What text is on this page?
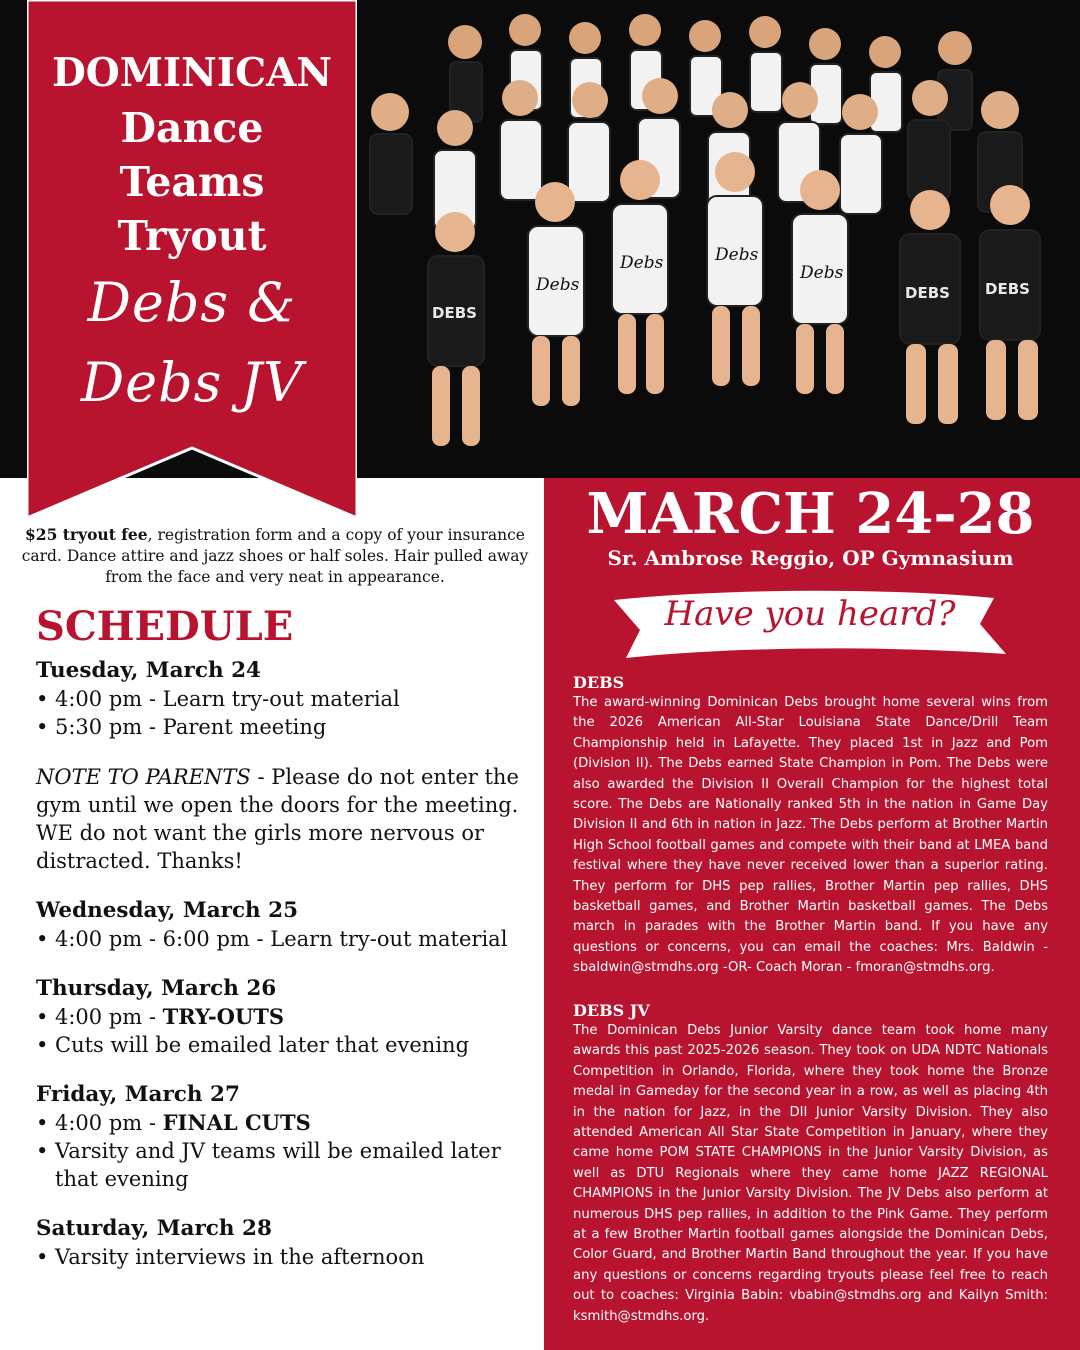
Debs
Debs	Debs
Debs
DEBS DEBS
DEBS
DOMINICAN
Dance
Teams
Tryout
Debs &
Debs JV
$25 tryout fee, registration form and a copy of your insurance card. Dance attire and jazz shoes or half soles. Hair pulled away from the face and very neat in appearance.
SCHEDULE
Tuesday, March 24
• 4:00 pm - Learn try-out material
• 5:30 pm - Parent meeting
NOTE TO PARENTS - Please do not enter the gym until we open the doors for the meeting. WE do not want the girls more nervous or distracted. Thanks!
Wednesday, March 25
• 4:00 pm - 6:00 pm - Learn try-out material
Thursday, March 26
• 4:00 pm - TRY-OUTS
• Cuts will be emailed later that evening
Friday, March 27
• 4:00 pm - FINAL CUTS
• Varsity and JV teams will be emailed later that evening
Saturday, March 28
• Varsity interviews in the afternoon
MARCH 24-28
Sr. Ambrose Reggio, OP Gymnasium
Have you heard?
DEBS

The award-winning Dominican Debs brought home several wins from the 2026 American All-Star Louisiana State Dance/Drill Team Championship held in Lafayette. They placed 1st in Jazz and Pom (Division II). The Debs earned State Champion in Pom. The Debs were also awarded the Division II Overall Champion for the highest total score. The Debs are Nationally ranked 5th in the nation in Game Day Division II and 6th in nation in Jazz. The Debs perform at Brother Martin High School football games and compete with their band at LMEA band festival where they have never received lower than a superior rating. They perform for DHS pep rallies, Brother Martin pep rallies, DHS basketball games, and Brother Martin basketball games. The Debs march in parades with the Brother Martin band. If you have any questions or concerns, you can email the coaches: Mrs. Baldwin - sbaldwin@stmdhs.org -OR- Coach Moran - fmoran@stmdhs.org.

DEBS JV

The Dominican Debs Junior Varsity dance team took home many awards this past 2025-2026 season. They took on UDA NDTC Nationals Competition in Orlando, Florida, where they took home the Bronze medal in Gameday for the second year in a row, as well as placing 4th in the nation for Jazz, in the DII Junior Varsity Division. They also attended American All Star State Competition in January, where they came home POM STATE CHAMPIONS in the Junior Varsity Division, as well as DTU Regionals where they came home JAZZ REGIONAL CHAMPIONS in the Junior Varsity Division. The JV Debs also perform at numerous DHS pep rallies, in addition to the Pink Game. They perform at a few Brother Martin football games alongside the Dominican Debs, Color Guard, and Brother Martin Band throughout the year. If you have any questions or concerns regarding tryouts please feel free to reach out to coaches: Virginia Babin: vbabin@stmdhs.org and Kailyn Smith: ksmith@stmdhs.org.
